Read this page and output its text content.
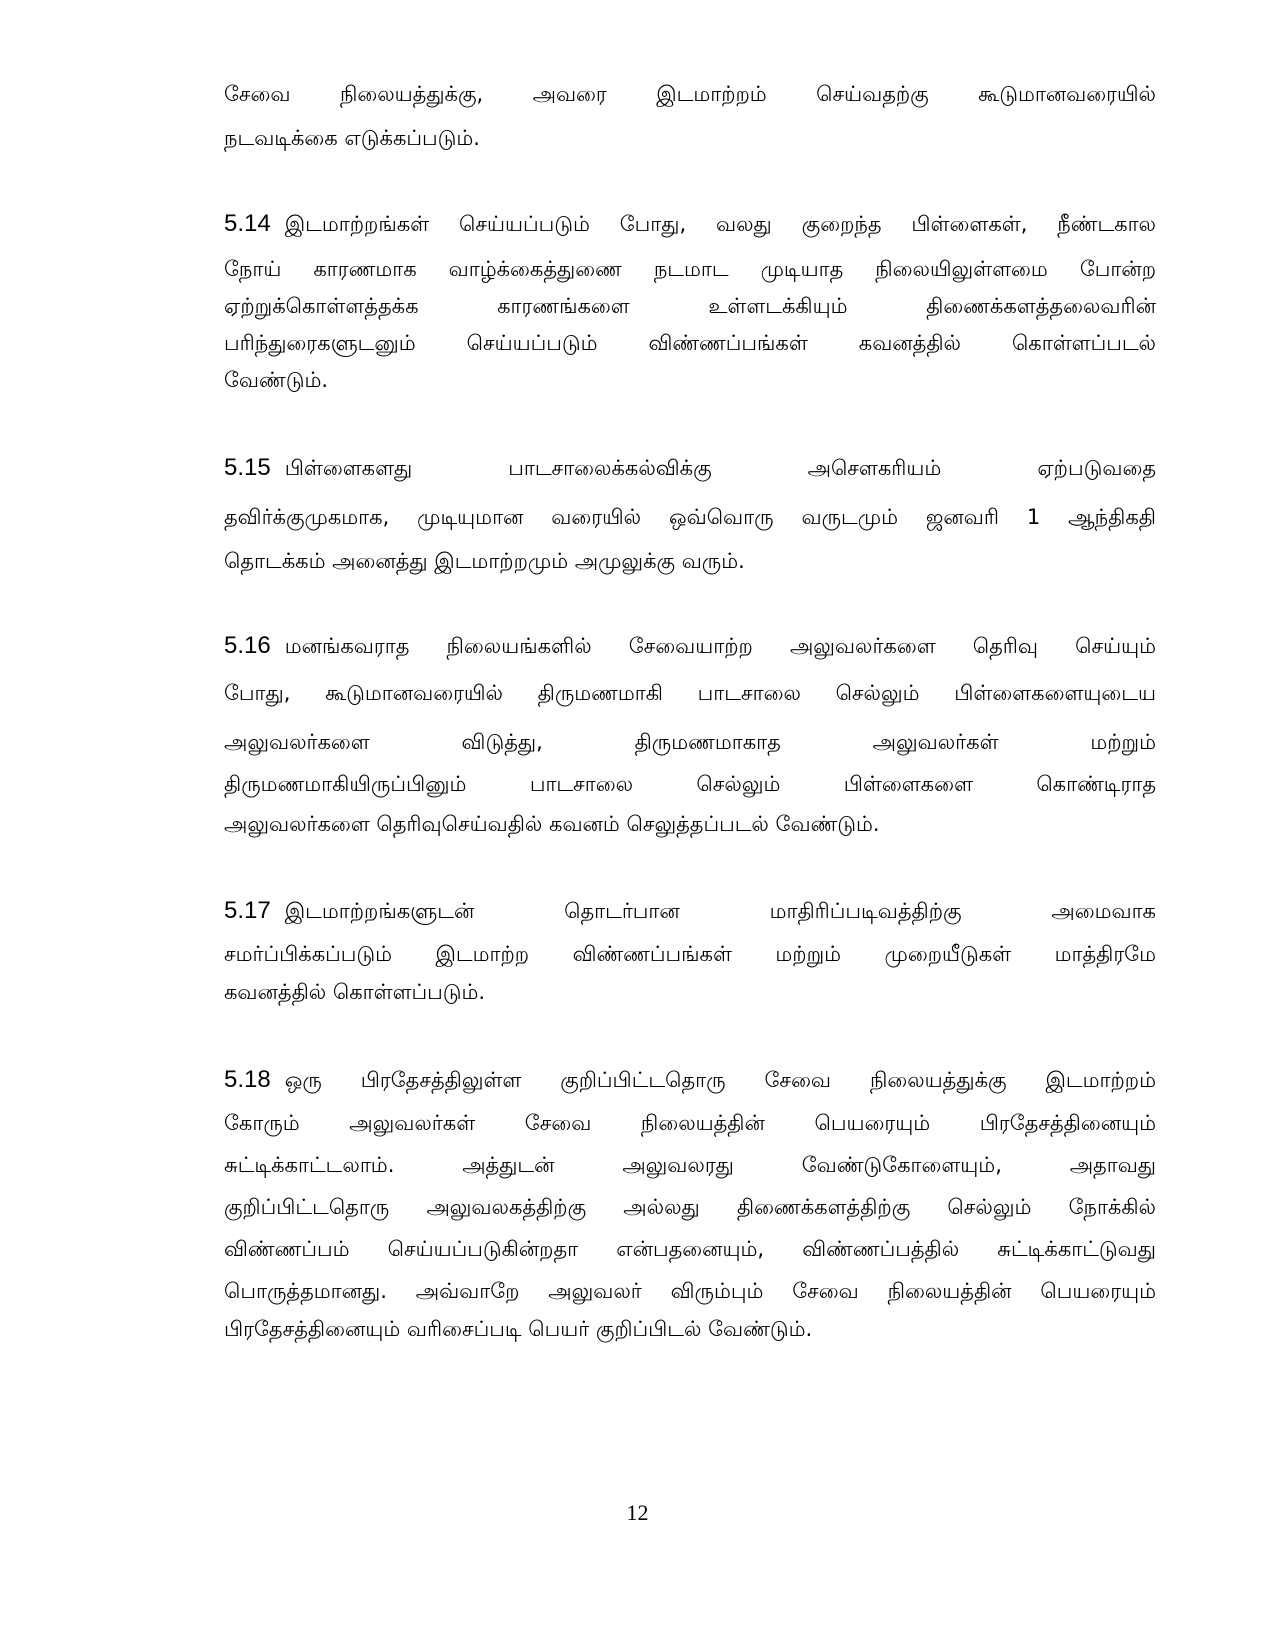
சேவை நிலையத்துக்கு, அவரை இடமாற்றம் செய்வதற்கு கூடுமானவரையில்
நடவடிக்கை எடுக்கப்படும்.
5.14 இடமாற்றங்கள் செய்யப்படும் போது, வலது குறைந்த பிள்ளைகள், நீண்டகால
நோய் காரணமாக வாழ்க்கைத்துணை நடமாட முடியாத நிலையிலுள்ளமை போன்ற
ஏற்றுக்கொள்ளத்தக்க காரணங்களை உள்ளடக்கியும் திணைக்களத்தலைவரின்
பரிந்துரைகளுடனும் செய்யப்படும் விண்ணப்பங்கள் கவனத்தில் கொள்ளப்படல்
வேண்டும்.
5.15 பிள்ளைகளது பாடசாலைக்கல்விக்கு அசௌகரியம் ஏற்படுவதை
தவிர்க்குமுகமாக, முடியுமான வரையில் ஒவ்வொரு வருடமும் ஜனவரி 1 ஆந்திகதி
தொடக்கம் அனைத்து இடமாற்றமும் அமுலுக்கு வரும்.
5.16 மனங்கவராத நிலையங்களில் சேவையாற்ற அலுவலர்களை தெரிவு செய்யும்
போது, கூடுமானவரையில் திருமணமாகி பாடசாலை செல்லும் பிள்ளைகளையுடைய
அலுவலர்களை விடுத்து, திருமணமாகாத அலுவலர்கள் மற்றும்
திருமணமாகியிருப்பினும் பாடசாலை செல்லும் பிள்ளைகளை கொண்டிராத
அலுவலர்களை தெரிவுசெய்வதில் கவனம் செலுத்தப்படல் வேண்டும்.
5.17 இடமாற்றங்களுடன் தொடர்பான மாதிரிப்படிவத்திற்கு அமைவாக
சமர்ப்பிக்கப்படும் இடமாற்ற விண்ணப்பங்கள் மற்றும் முறையீடுகள் மாத்திரமே
கவனத்தில் கொள்ளப்படும்.
5.18 ஒரு பிரதேசத்திலுள்ள குறிப்பிட்டதொரு சேவை நிலையத்துக்கு இடமாற்றம்
கோரும் அலுவலர்கள் சேவை நிலையத்தின் பெயரையும் பிரதேசத்தினையும்
சுட்டிக்காட்டலாம். அத்துடன் அலுவலரது வேண்டுகோளையும், அதாவது
குறிப்பிட்டதொரு அலுவலகத்திற்கு அல்லது திணைக்களத்திற்கு செல்லும் நோக்கில்
விண்ணப்பம் செய்யப்படுகின்றதா என்பதனையும், விண்ணப்பத்தில் சுட்டிக்காட்டுவது
பொருத்தமானது. அவ்வாறே அலுவலர் விரும்பும் சேவை நிலையத்தின் பெயரையும்
பிரதேசத்தினையும் வரிசைப்படி பெயர் குறிப்பிடல் வேண்டும்.
12
